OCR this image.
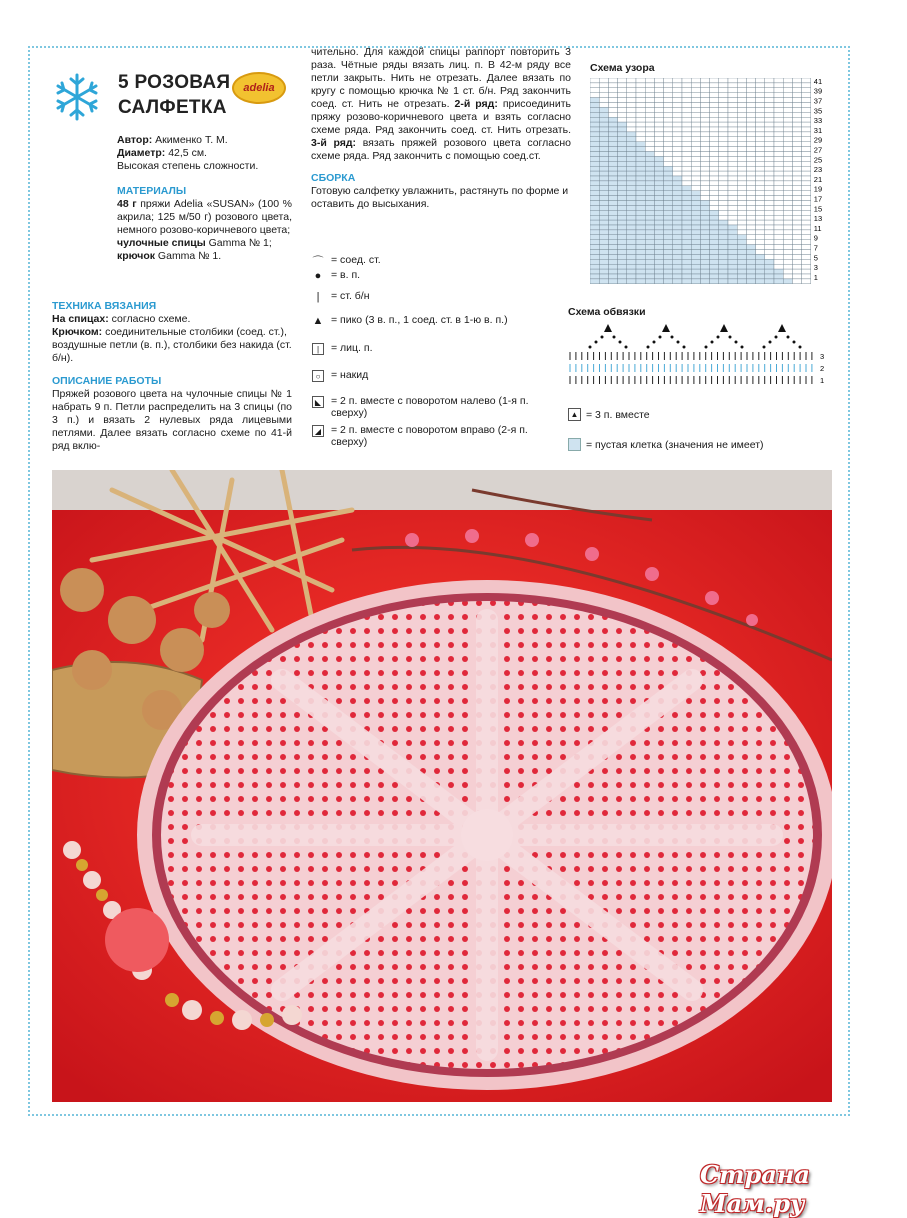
5 РОЗОВАЯ
САЛФЕТКА
adelia

Автор: Акименко Т. М.

Диаметр: 42,5 см.

Высокая степень сложности.

МАТЕРИАЛЫ

48 г пряжи Adelia «SUSAN» (100 % акрила; 125 м/50 г) розового цвета, немного розово-коричневого цвета;

чулочные спицы Gamma № 1;

крючок Gamma № 1.

ТЕХНИКА ВЯЗАНИЯ

На спицах: согласно схеме.

Крючком: соединительные столбики (соед. ст.), воздушные петли (в. п.), столбики без накида (ст. б/н).

ОПИСАНИЕ РАБОТЫ

Пряжей розового цвета на чулочные спицы № 1 набрать 9 п. Петли распределить на 3 спицы (по 3 п.) и вязать 2 нулевых ряда лицевыми петлями. Далее вязать согласно схеме по 41-й ряд вклю-

чительно. Для каждой спицы раппорт повторить 3 раза. Чётные ряды вязать лиц. п. В 42-м ряду все петли закрыть. Нить не отрезать. Далее вязать по кругу с помощью крючка № 1 ст. б/н. Ряд закончить соед. ст. Нить не отрезать. 2-й ряд: присоединить пряжу розово-коричневого цвета и взять согласно схеме ряда. Ряд закончить соед. ст. Нить отрезать. 3-й ряд: вязать пряжей розового цвета согласно схеме ряда. Ряд закончить с помощью соед.ст.

СБОРКА

Готовую салфетку увлажнить, растянуть по форме и оставить до высыхания.

⌒ = соед. ст.
● = в. п.
|	= ст. б/н
▲ = пико (3 в. п., 1 соед. ст. в 1-ю в. п.)
|	= лиц. п.
○	= накид
◣ = 2 п. вместе с поворотом налево (1-я п. сверху)
◢ = 2 п. вместе с поворотом вправо (2-я п. сверху)
Схема узора
41
39
37
35
33
31
29
27
25
23
21
19
17
15
13
11
9
7
5
3
1
Схема обвязки
3
2
1
▲ = 3 п. вместе
= пустая клетка (значения не имеет)
Страна Мам.ру
